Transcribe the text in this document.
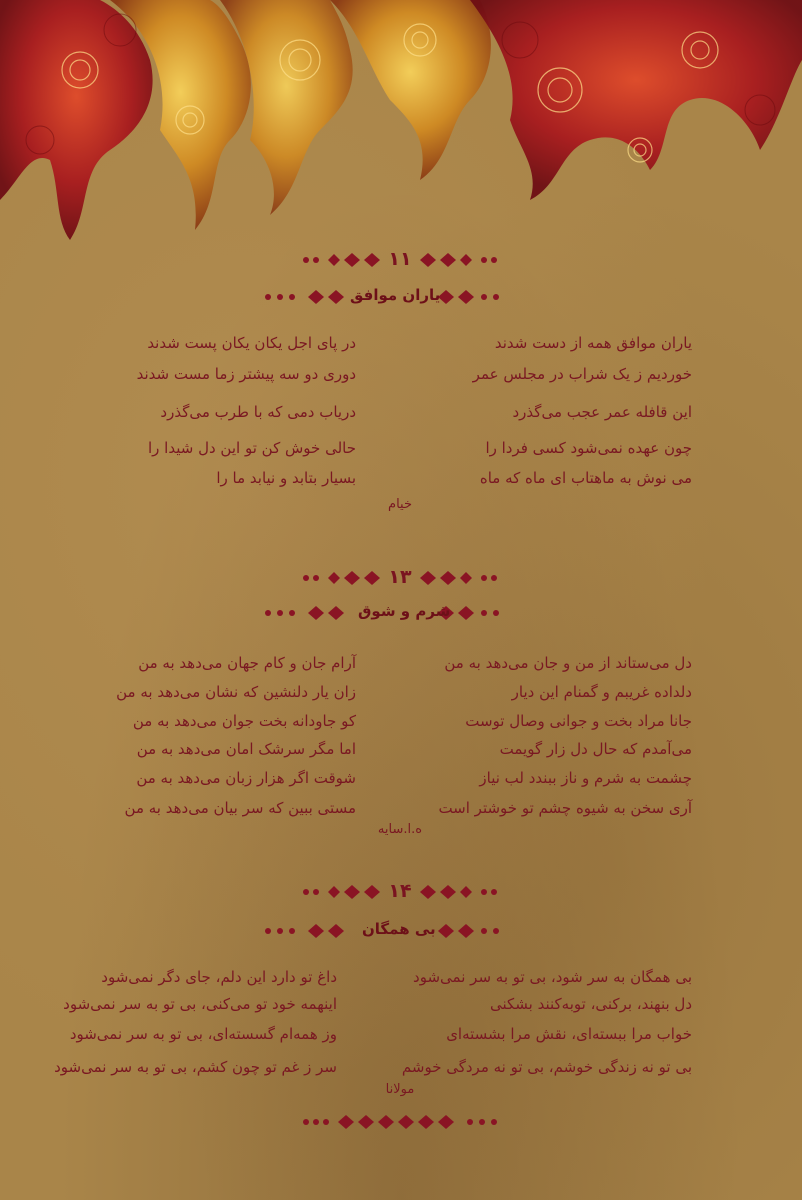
۱۱
یاران موافق
یاران موافق همه از دست شدند
خوردیم ز یک شراب در مجلس عمر
این قافله عمر عجب می‌گذرد
چون عهده نمی‌شود کسی فردا را
می نوش به ماهتاب ای ماه که ماه
در پای اجل یکان یکان پست شدند
دوری دو سه پیشتر زما مست شدند
دریاب دمی که با طرب می‌گذرد
حالی خوش کن تو این دل شیدا را
بسیار بتابد و نیابد ما را
خیام
۱۳
شرم و شوق
دل می‌ستاند از من و جان می‌دهد به من
دلداده غریبم و گمنام این دیار
جانا مراد بخت و جوانی وصال توست
می‌آمدم که حال دل زار گویمت
چشمت به شرم و ناز ببندد لب نیاز
آری سخن به شیوه چشم تو خوشتر است
آرام جان و کام جهان می‌دهد به من
زان یار دلنشین که نشان می‌دهد به من
کو جاودانه بخت جوان می‌دهد به من
اما مگر سرشک امان می‌دهد به من
شوقت اگر هزار زبان می‌دهد به من
مستی ببین که سر بیان می‌دهد به من
ه.ا.سایه
۱۴
بی همگان
بی همگان به سر شود، بی تو به سر نمی‌شود
دل بنهند، برکنی، توبه‌کنند بشکنی
خواب مرا ببسته‌ای، نقش مرا بشسته‌ای
بی تو نه زندگی خوشم، بی تو نه مردگی خوشم
داغ تو دارد این دلم، جای دگر نمی‌شود
اینهمه خود تو می‌کنی، بی تو به سر نمی‌شود
وز همه‌ام گسسته‌ای، بی تو به سر نمی‌شود
سر ز غم تو چون کشم، بی تو به سر نمی‌شود
مولانا
